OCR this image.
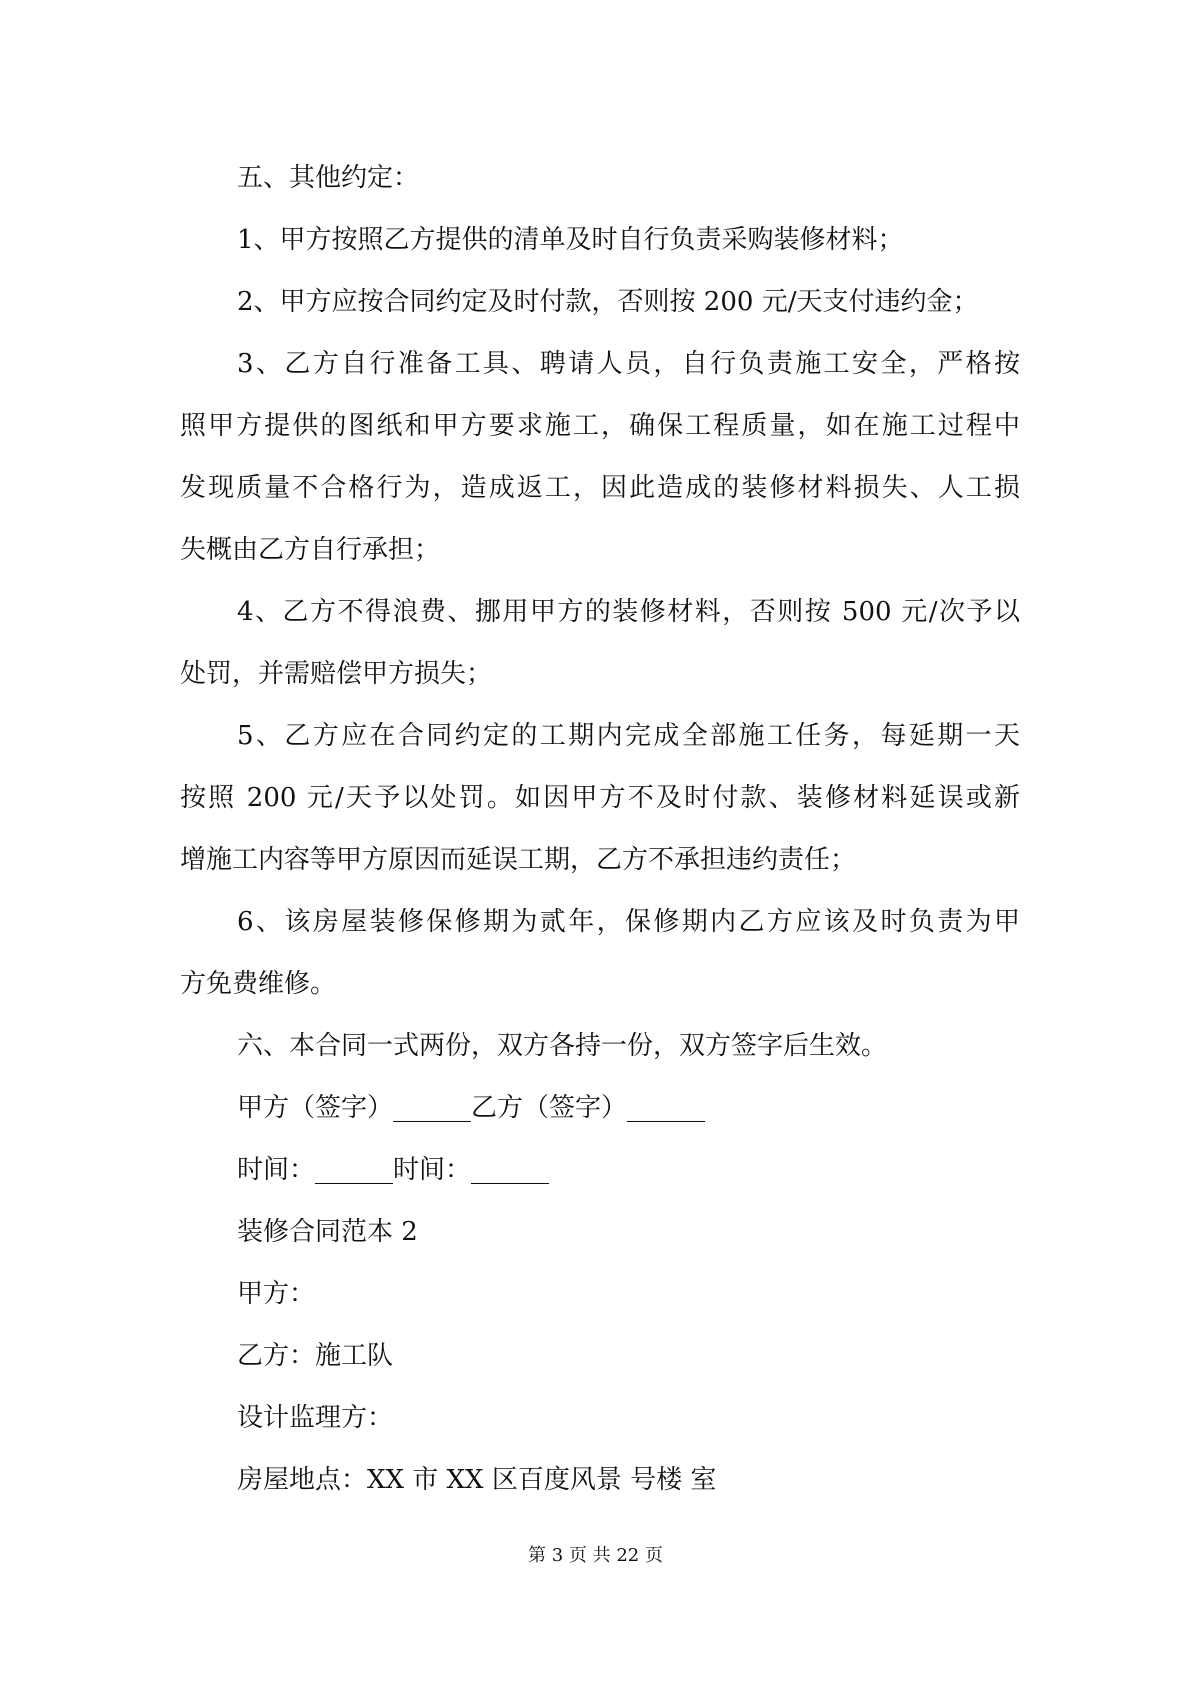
五、其他约定：
1、甲方按照乙方提供的清单及时自行负责采购装修材料；
2、甲方应按合同约定及时付款，否则按 200 元/天支付违约金；
3、乙方自行准备工具、聘请人员，自行负责施工安全，严格按
照甲方提供的图纸和甲方要求施工，确保工程质量，如在施工过程中
发现质量不合格行为，造成返工，因此造成的装修材料损失、人工损
失概由乙方自行承担；
4、乙方不得浪费、挪用甲方的装修材料，否则按 500 元/次予以
处罚，并需赔偿甲方损失；
5、乙方应在合同约定的工期内完成全部施工任务，每延期一天
按照 200 元/天予以处罚。如因甲方不及时付款、装修材料延误或新
增施工内容等甲方原因而延误工期，乙方不承担违约责任；
6、该房屋装修保修期为贰年，保修期内乙方应该及时负责为甲
方免费维修。
六、本合同一式两份，双方各持一份，双方签字后生效。
甲方（签字）______乙方（签字）______
时间：______时间：______
装修合同范本 2
甲方：
乙方：施工队
设计监理方：
房屋地点：XX 市 XX 区百度风景 号楼 室
第 3 页 共 22 页
